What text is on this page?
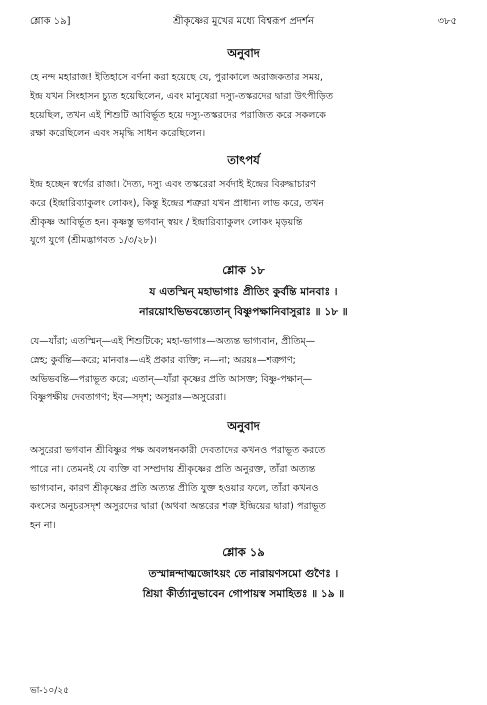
শ্লোক ১৯]	শ্রীকৃষ্ণের মুখের মধ্যে বিশ্বরূপ প্রদর্শন	৩৮৫
অনুবাদ
হে নন্দ মহারাজ! ইতিহাসে বর্ণনা করা হয়েছে যে, পুরাকালে অরাজকতার সময়,
ইন্দ্র যখন সিংহাসন চ্যুত হয়েছিলেন, এবং মানুষেরা দস্যু-তস্করদের দ্বারা উৎপীড়িত
হয়েছিল, তখন এই শিশুটি আবির্ভূত হয়ে দস্যু-তস্করদের পরাজিত করে সকলকে
রক্ষা করেছিলেন এবং সমৃদ্ধি সাধন করেছিলেন।
তাৎপর্য
ইন্দ্র হচ্ছেন স্বর্গের রাজা। দৈত্য, দস্যু এবং তস্করেরা সর্বদাই ইন্দ্রের বিরুদ্ধাচারণ
করে (ইন্দ্রারিব্যাকুলং লোকং), কিন্তু ইন্দ্রের শত্রুরা যখন প্রাধান্য লাভ করে, তখন
শ্রীকৃষ্ণ আবির্ভূত হন। কৃষ্ণস্তু ভগবান্ স্বয়ং / ইন্দ্রারিব্যাকুলং লোকং মৃড়য়ন্তি
যুগে যুগে (শ্রীমদ্ভাগবত ১/৩/২৮)।
শ্লোক ১৮
য এতস্মিন্ মহাভাগাঃ প্রীতিং কুর্বন্তি মানবাঃ ।
নারয়োঽভিভবন্ত্যেতান্ বিষ্ণুপক্ষানিবাসুরাঃ ॥ ১৮ ॥
যে—যাঁরা; এতস্মিন্—এই শিশুটিকে; মহা-ভাগাঃ—অত্যন্ত ভাগ্যবান, প্রীতিম্—
স্নেহ; কুর্বন্তি—করে; মানবাঃ—এই প্রকার ব্যক্তি; ন—না; অরয়ঃ—শত্রুগণ;
অভিভবন্তি—পরাভূত করে; এতান্—যাঁরা কৃষ্ণের প্রতি আসক্ত; বিষ্ণু-পক্ষান্—
বিষ্ণুপক্ষীয় দেবতাগণ; ইব—সদৃশ; অসুরাঃ—অসুরেরা।
অনুবাদ
অসুরেরা ভগবান শ্রীবিষ্ণুর পক্ষ অবলম্বনকারী দেবতাদের কখনও পরাভূত করতে
পারে না। তেমনই যে ব্যক্তি বা সম্প্রদায় শ্রীকৃষ্ণের প্রতি অনুরক্ত, তাঁরা অত্যন্ত
ভাগ্যবান, কারণ শ্রীকৃষ্ণের প্রতি অত্যন্ত প্রীতি যুক্ত হওয়ার ফলে, তাঁরা কখনও
কংসের অনুচরসদৃশ অসুরদের দ্বারা (অথবা অন্তরের শত্রু ইন্দ্রিয়ের দ্বারা) পরাভূত
হন না।
শ্লোক ১৯
তস্মান্নন্দাত্মজোঽয়ং তে নারায়ণসমো গুণৈঃ ।
শ্রিয়া কীর্ত্যানুভাবেন গোপায়স্ব সমাহিতঃ ॥ ১৯ ॥
ভা-১০/২৫
